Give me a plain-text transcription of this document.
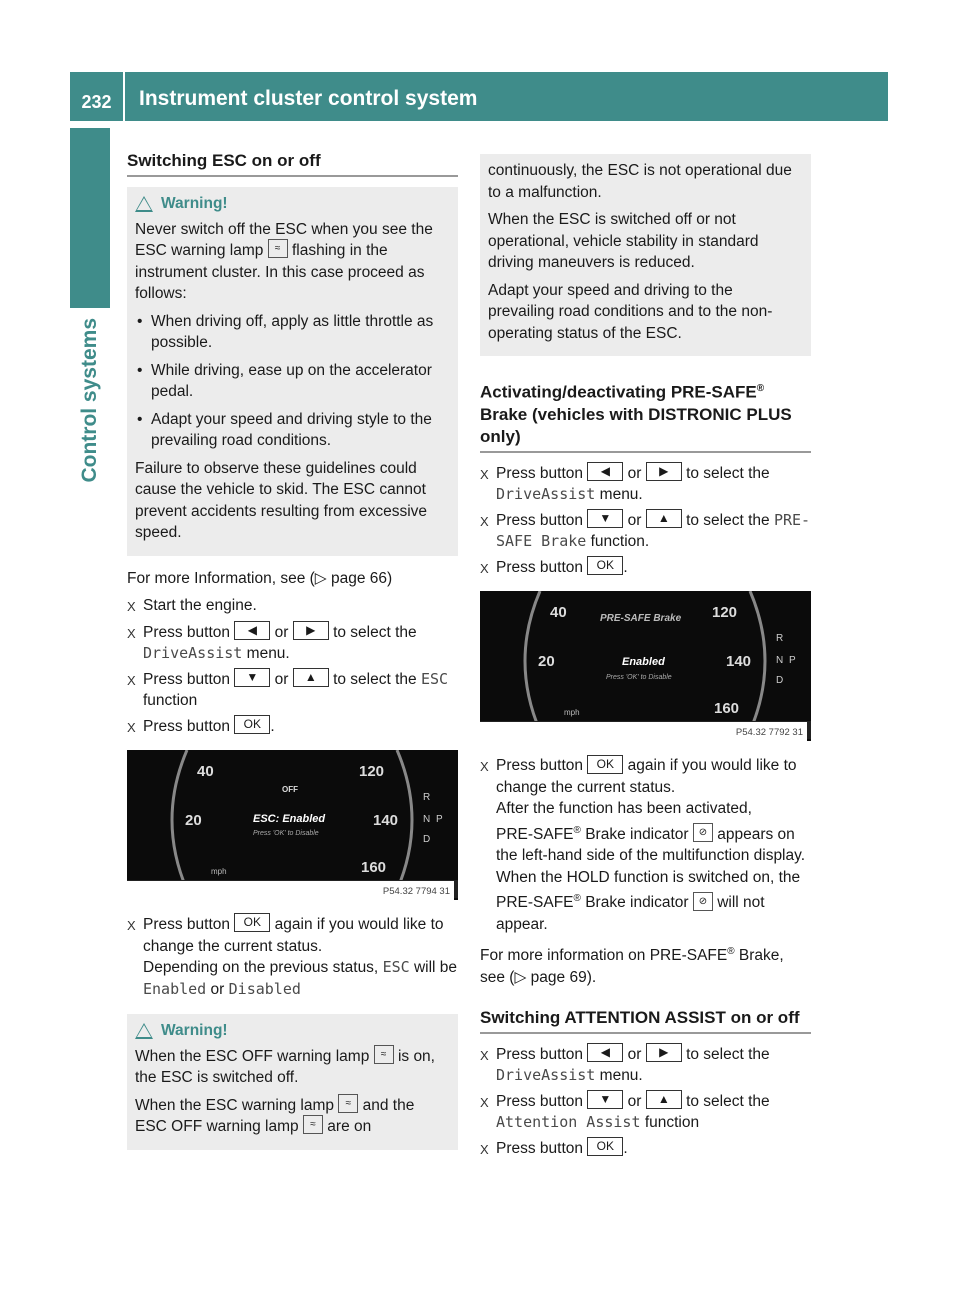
232	Instrument cluster control system
Control systems
Switching ESC on or off
Warning!

Never switch off the ESC when you see the ESC warning lamp ≈ flashing in the instrument cluster. In this case proceed as follows:

• When driving off, apply as little throttle as possible.
• While driving, ease up on the accelerator pedal.
• Adapt your speed and driving style to the prevailing road conditions.

Failure to observe these guidelines could cause the vehicle to skid. The ESC cannot prevent accidents resulting from excessive speed.

For more Information, see (▷ page 66)
X Start the engine.
X Press button ◀ or ▶ to select the DriveAssist menu.
X Press button ▼ or ▲ to select the ESC function
X Press button OK .
40	120
20	140
160
OFF
ESC: Enabled
Press 'OK' to Disable
mph
R
N P
D
P54.32 7794 31
X Press button OK again if you would like to change the current status.
Depending on the previous status, ESC will be Enabled or Disabled
Warning!

When the ESC OFF warning lamp ≈ is on, the ESC is switched off.

When the ESC warning lamp ≈ and the ESC OFF warning lamp ≈ are on

continuously, the ESC is not operational due to a malfunction.

When the ESC is switched off or not operational, vehicle stability in standard driving maneuvers is reduced.

Adapt your speed and driving to the prevailing road conditions and to the non-operating status of the ESC.

Activating/deactivating PRE-SAFE®
Brake (vehicles with DISTRONIC PLUS only)
X Press button ◀ or ▶ to select the DriveAssist menu.
X Press button ▼ or ▲ to select the PRE-SAFE Brake function.
X Press button OK .
40	120
20	140
160
PRE-SAFE Brake
Enabled
Press 'OK' to Disable
mph
R
N P
D
P54.32 7792 31
X Press button OK again if you would like to change the current status.
After the function has been activated,
PRE-SAFE® Brake indicator ⊘ appears on the left-hand side of the multifunction display. When the HOLD function is switched on, the PRE-SAFE® Brake indicator ⊘ will not appear.
For more information on PRE-SAFE® Brake, see (▷ page 69).
Switching ATTENTION ASSIST on or off
X Press button ◀ or ▶ to select the DriveAssist menu.
X Press button ▼ or ▲ to select the Attention Assist function
X Press button OK .
